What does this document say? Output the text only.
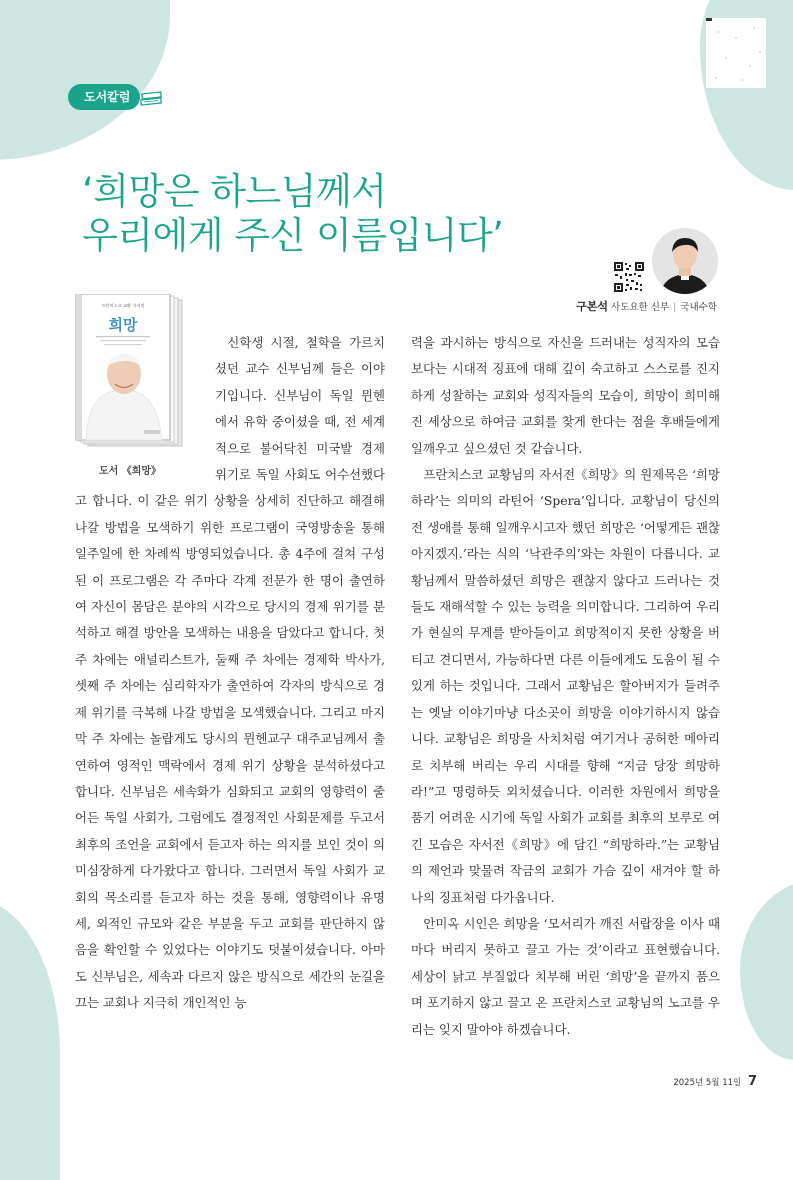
도서칼럼
‘희망은 하느님께서
우리에게 주신 이름입니다’
구본석 사도요한 신부 | 국내수학
프란치스코 교황 자서전
희망
도서 《희망》

신학생 시절, 철학을 가르치셨던 교수 신부님께 들은 이야기입니다. 신부님이 독일 뮌헨에서 유학 중이셨을 때, 전 세계적으로 불어닥친 미국발 경제 위기로 독일 사회도 어수선했다고 합니다. 이 같은 위기 상황을 상세히 진단하고 해결해 나갈 방법을 모색하기 위한 프로그램이 국영방송을 통해 일주일에 한 차례씩 방영되었습니다. 총 4주에 걸쳐 구성된 이 프로그램은 각 주마다 각계 전문가 한 명이 출연하여 자신이 몸담은 분야의 시각으로 당시의 경제 위기를 분석하고 해결 방안을 모색하는 내용을 담았다고 합니다. 첫 주 차에는 애널리스트가, 둘째 주 차에는 경제학 박사가, 셋째 주 차에는 심리학자가 출연하여 각자의 방식으로 경제 위기를 극복해 나갈 방법을 모색했습니다. 그리고 마지막 주 차에는 놀랍게도 당시의 뮌헨교구 대주교님께서 출연하여 영적인 맥락에서 경제 위기 상황을 분석하셨다고 합니다. 신부님은 세속화가 심화되고 교회의 영향력이 줄어든 독일 사회가, 그럼에도 결정적인 사회문제를 두고서 최후의 조언을 교회에서 듣고자 하는 의지를 보인 것이 의미심장하게 다가왔다고 합니다. 그러면서 독일 사회가 교회의 목소리를 듣고자 하는 것을 통해, 영향력이나 유명세, 외적인 규모와 같은 부분을 두고 교회를 판단하지 않음을 확인할 수 있었다는 이야기도 덧붙이셨습니다. 아마도 신부님은, 세속과 다르지 않은 방식으로 세간의 눈길을 끄는 교회나 지극히 개인적인 능

력을 과시하는 방식으로 자신을 드러내는 성직자의 모습보다는 시대적 징표에 대해 깊이 숙고하고 스스로를 진지하게 성찰하는 교회와 성직자들의 모습이, 희망이 희미해진 세상으로 하여금 교회를 찾게 한다는 점을 후배들에게 일깨우고 싶으셨던 것 같습니다.

프란치스코 교황님의 자서전《희망》의 원제목은 ‘희망하라’는 의미의 라틴어 ‘Spera’입니다. 교황님이 당신의 전 생애를 통해 일깨우시고자 했던 희망은 ‘어떻게든 괜찮아지겠지.’라는 식의 ‘낙관주의’와는 차원이 다릅니다. 교황님께서 말씀하셨던 희망은 괜찮지 않다고 드러나는 것들도 재해석할 수 있는 능력을 의미합니다. 그리하여 우리가 현실의 무게를 받아들이고 희망적이지 못한 상황을 버티고 견디면서, 가능하다면 다른 이들에게도 도움이 될 수 있게 하는 것입니다. 그래서 교황님은 할아버지가 들려주는 옛날 이야기마냥 다소곳이 희망을 이야기하시지 않습니다. 교황님은 희망을 사치처럼 여기거나 공허한 메아리로 치부해 버리는 우리 시대를 향해 “지금 당장 희망하라!”고 명령하듯 외치셨습니다. 이러한 차원에서 희망을 품기 어려운 시기에 독일 사회가 교회를 최후의 보루로 여긴 모습은 자서전《희망》에 담긴 “희망하라.”는 교황님의 제언과 맞물려 작금의 교회가 가슴 깊이 새겨야 할 하나의 징표처럼 다가옵니다.

안미옥 시인은 희망을 ‘모서리가 깨진 서랍장을 이사 때마다 버리지 못하고 끌고 가는 것’이라고 표현했습니다. 세상이 낡고 부질없다 치부해 버린 ‘희망’을 끝까지 품으며 포기하지 않고 끌고 온 프란치스코 교황님의 노고를 우리는 잊지 말아야 하겠습니다.

2025년 5월 11일 7
